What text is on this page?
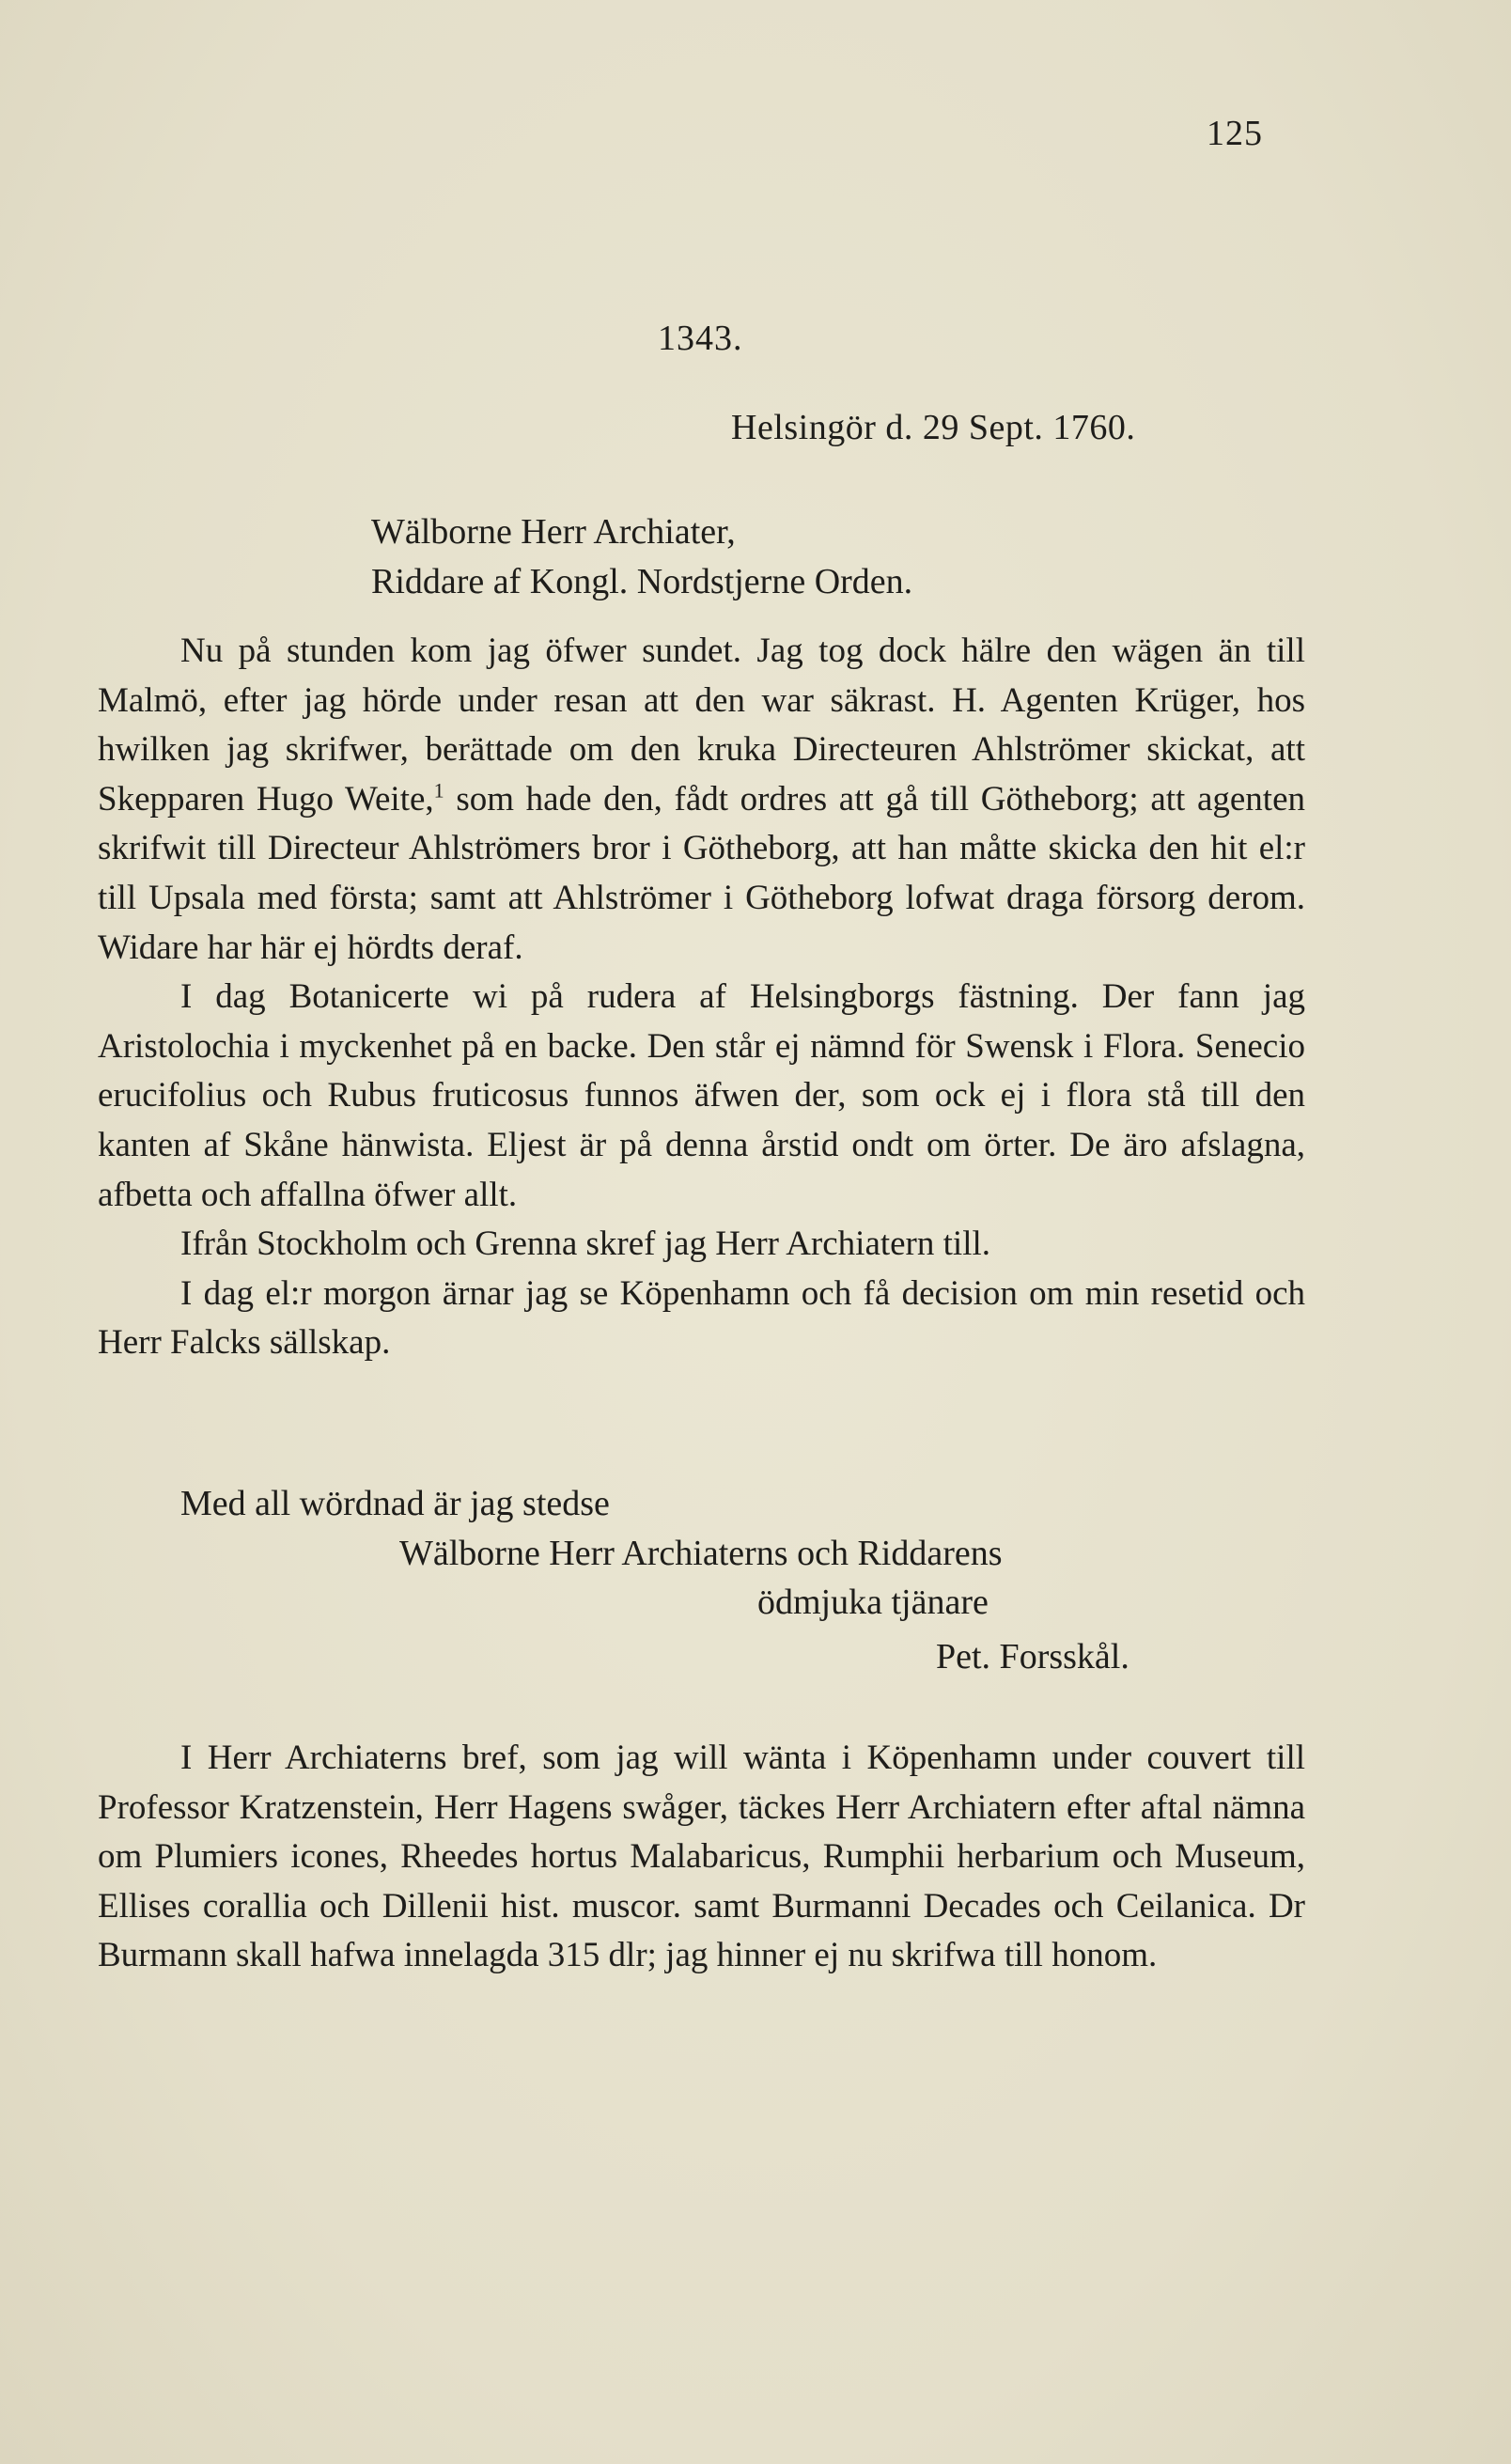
125
1343.
Helsingör d. 29 Sept. 1760.
Wälborne Herr Archiater,
Riddare af Kongl. Nordstjerne Orden.

Nu på stunden kom jag öfwer sundet. Jag tog dock hälre den wägen än till Malmö, efter jag hörde under resan att den war säkrast. H. Agenten Krüger, hos hwilken jag skrifwer, berättade om den kruka Directeuren Ahlströmer skickat, att Skepparen Hugo Weite,$^1$ som hade den, fådt ordres att gå till Götheborg; att agenten skrifwit till Directeur Ahlströmers bror i Götheborg, att han måtte skicka den hit el:r till Upsala med första; samt att Ahlströmer i Götheborg lofwat draga försorg derom. Widare har här ej hördts deraf.

I dag Botanicerte wi på rudera af Helsingborgs fästning. Der fann jag Aristolochia i myckenhet på en backe. Den står ej nämnd för Swensk i Flora. Senecio erucifolius och Rubus fruticosus funnos äfwen der, som ock ej i flora stå till den kanten af Skåne hänwista. Eljest är på denna årstid ondt om örter. De äro afslagna, afbetta och affallna öfwer allt.

Ifrån Stockholm och Grenna skref jag Herr Archiatern till.

I dag el:r morgon ärnar jag se Köpenhamn och få decision om min resetid och Herr Falcks sällskap.

Med all wördnad är jag stedse
Wälborne Herr Archiaterns och Riddarens
ödmjuka tjänare
Pet. Forsskål.

I Herr Archiaterns bref, som jag will wänta i Köpenhamn under couvert till Professor Kratzenstein, Herr Hagens swåger, täckes Herr Archiatern efter aftal nämna om Plumiers icones, Rheedes hortus Malabaricus, Rumphii herbarium och Museum, Ellises corallia och Dillenii hist. muscor. samt Burmanni Decades och Ceilanica. Dr Burmann skall hafwa innelagda 315 dlr; jag hinner ej nu skrifwa till honom.
